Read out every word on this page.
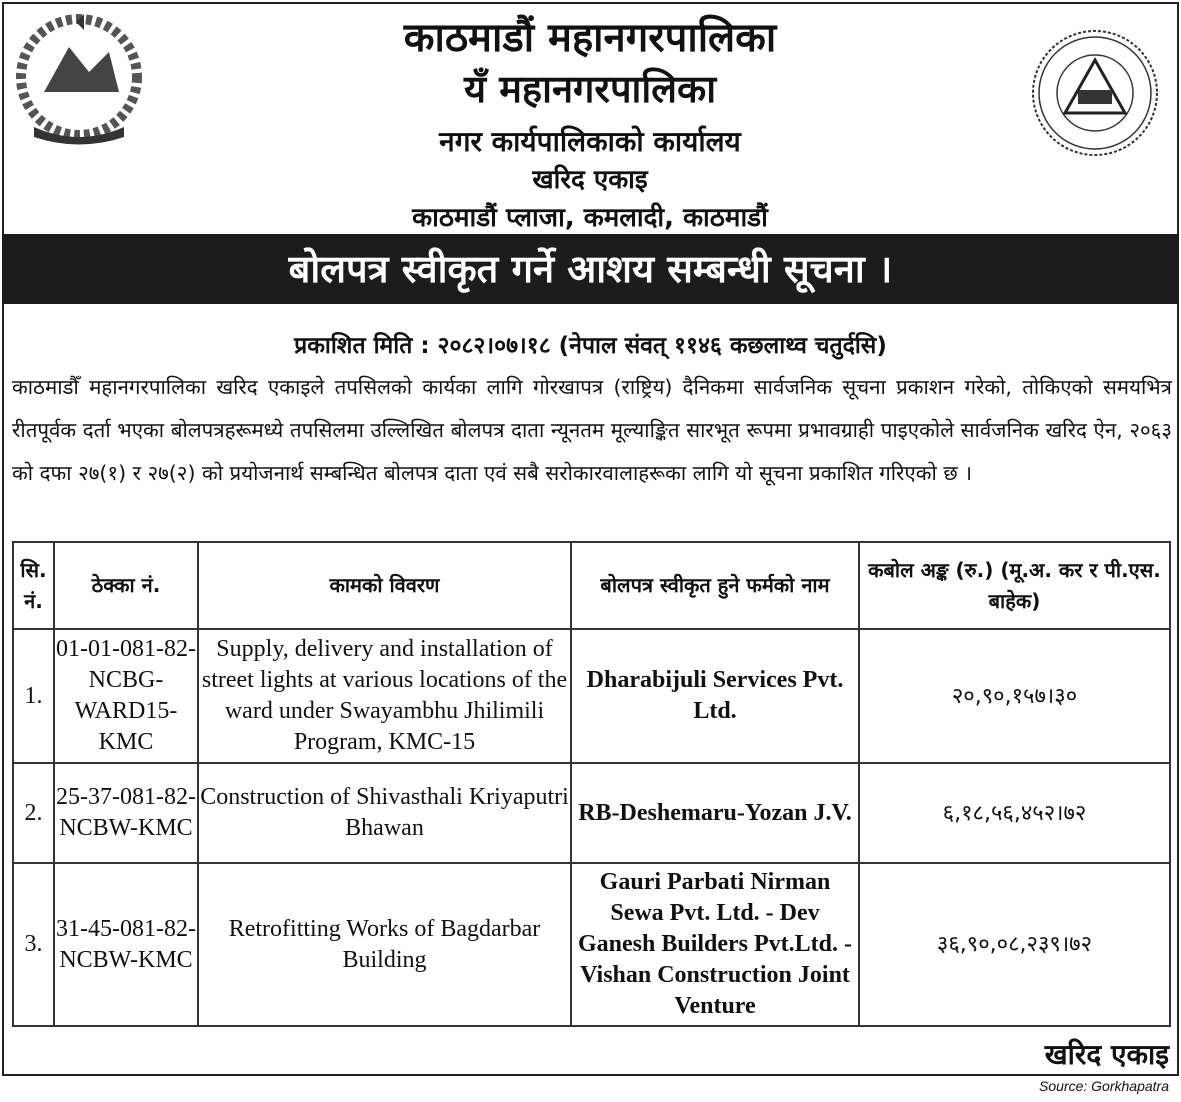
काठमाडौं महानगरपालिका
यँ महानगरपालिका
नगर कार्यपालिकाको कार्यालय
खरिद एकाइ
काठमाडौं प्लाजा, कमलादी, काठमाडौं
बोलपत्र स्वीकृत गर्ने आशय सम्बन्धी सूचना ।
प्रकाशित मिति : २०८२।०७।१८ (नेपाल संवत् ११४६ कछलाथ्व चतुर्दसि)
काठमाडौँ महानगरपालिका खरिद एकाइले तपसिलको कार्यका लागि गोरखापत्र (राष्ट्रिय) दैनिकमा सार्वजनिक सूचना प्रकाशन गरेको, तोकिएको समयभित्र रीतपूर्वक दर्ता भएका बोलपत्रहरूमध्ये तपसिलमा उल्लिखित बोलपत्र दाता न्यूनतम मूल्याङ्कित सारभूत रूपमा प्रभावग्राही पाइएकोले सार्वजनिक खरिद ऐन, २०६३ को दफा २७(१) र २७(२) को प्रयोजनार्थ सम्बन्धित बोलपत्र दाता एवं सबै सरोकारवालाहरूका लागि यो सूचना प्रकाशित गरिएको छ ।
सि. नं.	ठेक्का नं.	कामको विवरण	बोलपत्र स्वीकृत हुने फर्मको नाम	कबोल अङ्क (रु.) (मू.अ. कर र पी.एस. बाहेक)
1.	01-01-081-82-NCBG-WARD15-KMC	Supply, delivery and installation of street lights at various locations of the ward under Swayambhu Jhilimili Program, KMC-15	Dharabijuli Services Pvt. Ltd.	२०,९०,१५७।३०
2.	25-37-081-82-NCBW-KMC	Construction of Shivasthali Kriyaputri Bhawan	RB-Deshemaru-Yozan J.V.	६,१८,५६,४५२।७२
3.	31-45-081-82-NCBW-KMC	Retrofitting Works of Bagdarbar Building	Gauri Parbati Nirman Sewa Pvt. Ltd. - Dev Ganesh Builders Pvt.Ltd. - Vishan Construction Joint Venture	३६,९०,०८,२३९।७२
खरिद एकाइ
Source: Gorkhapatra
